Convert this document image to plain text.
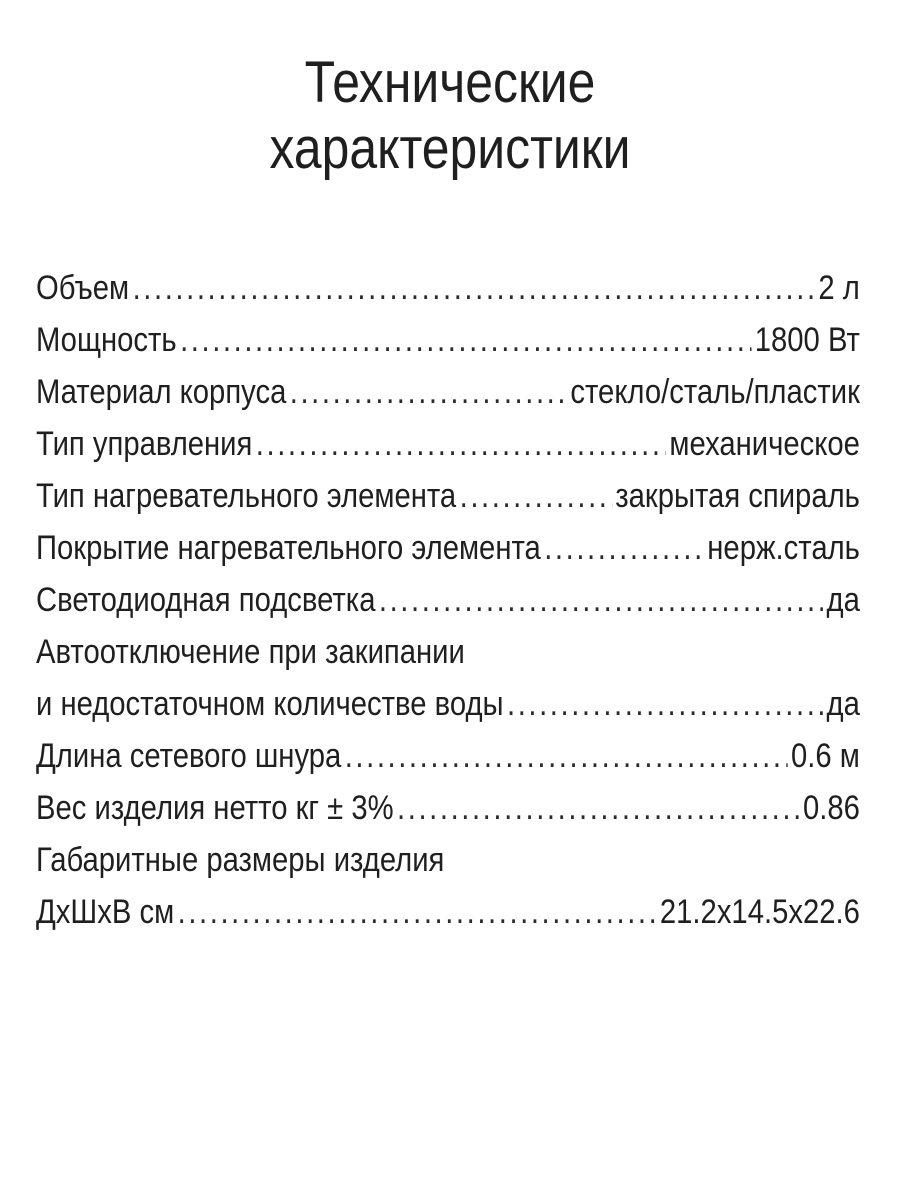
Технические
характеристики
Объем .....	2 л
Мощность .....	1800 Вт
Материал корпуса .....	стекло/сталь/пластик
Тип управления .....	механическое
Тип нагревательного элемента .....	закрытая спираль
Покрытие нагревательного элемента .....	нерж.сталь
Светодиодная подсветка .....	да
Автоотключение при закипании
и недостаточном количестве воды .....	да
Длина сетевого шнура .....	0.6 м
Вес изделия нетто кг ± 3% .....	0.86
Габаритные размеры изделия
ДхШхВ см .....	21.2х14.5х22.6
